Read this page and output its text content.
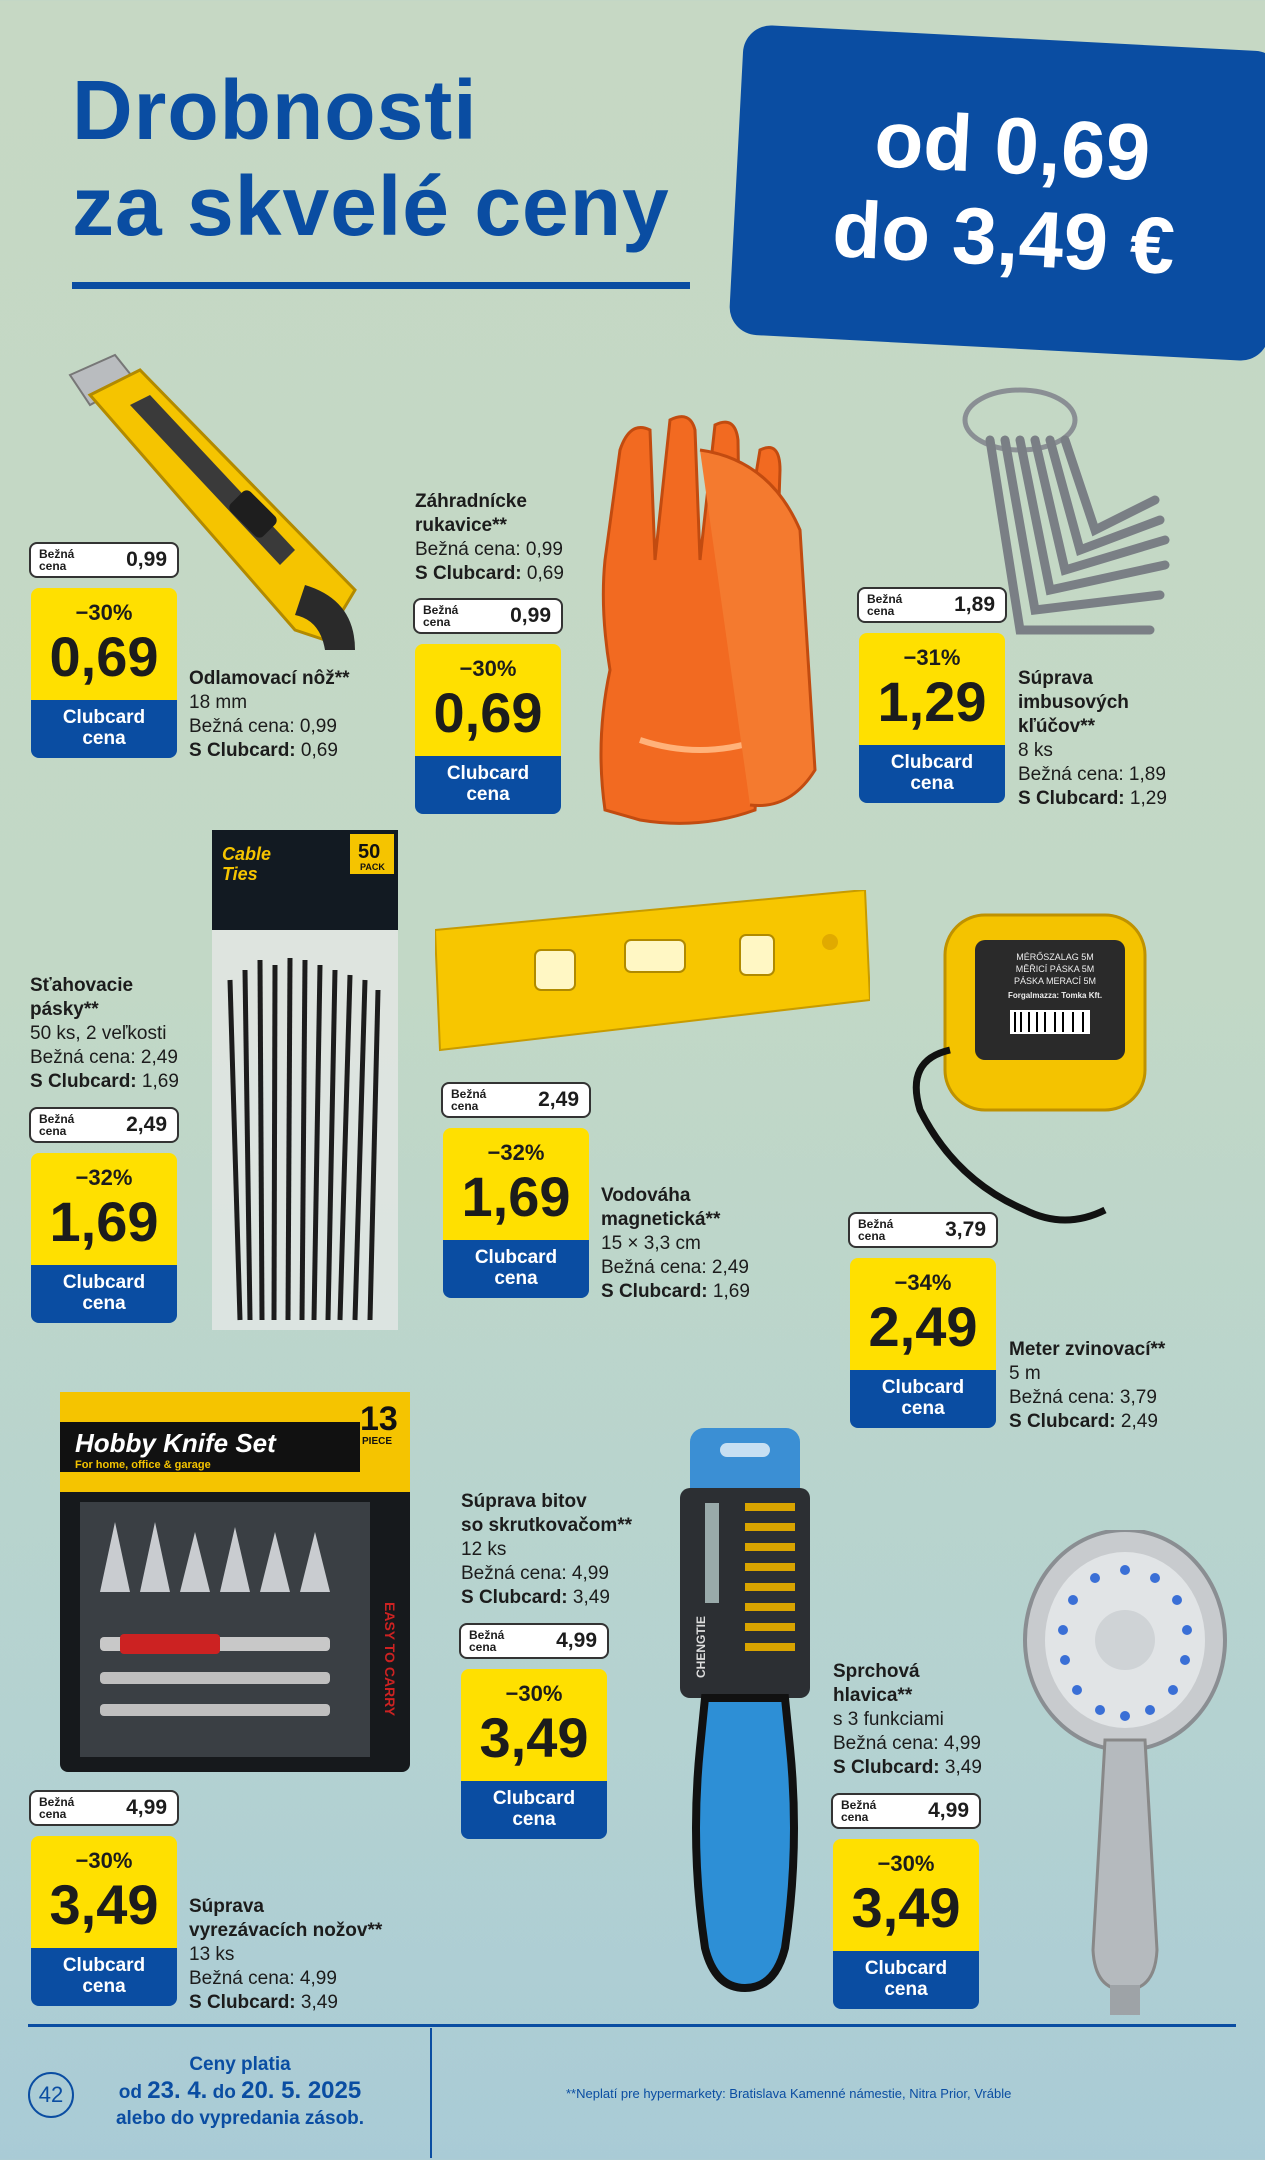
Drobnosti
za skvelé ceny
od 0,69
do 3,49 €
Cable
Ties
50
PACK
MÉRŐSZALAG 5M
MĚŘICÍ PÁSKA 5M
PÁSKA MERACÍ 5M
Forgalmazza: Tomka Kft.
Hobby Knife Set
For home, office & garage
13
PIECE
EASY TO CARRY	CHENGTIE
Bežná cena	0,99
−30%
0,69
Clubcard
cena
Odlamovací nôž**
18 mm
Bežná cena: 0,99
S Clubcard: 0,69
Záhradnícke
rukavice**
Bežná cena: 0,99
S Clubcard: 0,69
Bežná cena	0,99
−30%
0,69
Clubcard
cena
Bežná cena	1,89
−31%
1,29
Clubcard
cena
Súprava
imbusových
kľúčov**
8 ks
Bežná cena: 1,89
S Clubcard: 1,29
Sťahovacie
pásky**
50 ks, 2 veľkosti
Bežná cena: 2,49
S Clubcard: 1,69
Bežná cena	2,49
−32%
1,69
Clubcard
cena
Bežná cena	2,49
−32%
1,69
Clubcard
cena
Vodováha
magnetická**
15 × 3,3 cm
Bežná cena: 2,49
S Clubcard: 1,69
Bežná cena	3,79
−34%
2,49
Clubcard
cena
Meter zvinovací**
5 m
Bežná cena: 3,79
S Clubcard: 2,49
Bežná cena	4,99
−30%
3,49
Clubcard
cena
Súprava
vyrezávacích nožov**
13 ks
Bežná cena: 4,99
S Clubcard: 3,49
Súprava bitov
so skrutkovačom**
12 ks
Bežná cena: 4,99
S Clubcard: 3,49
Bežná cena	4,99
−30%
3,49
Clubcard
cena
Sprchová
hlavica**
s 3 funkciami
Bežná cena: 4,99
S Clubcard: 3,49
Bežná cena	4,99
−30%
3,49
Clubcard
cena
42
Ceny platia
od 23. 4. do 20. 5. 2025
alebo do vypredania zásob.
**Neplatí pre hypermarkety: Bratislava Kamenné námestie, Nitra Prior, Vráble
